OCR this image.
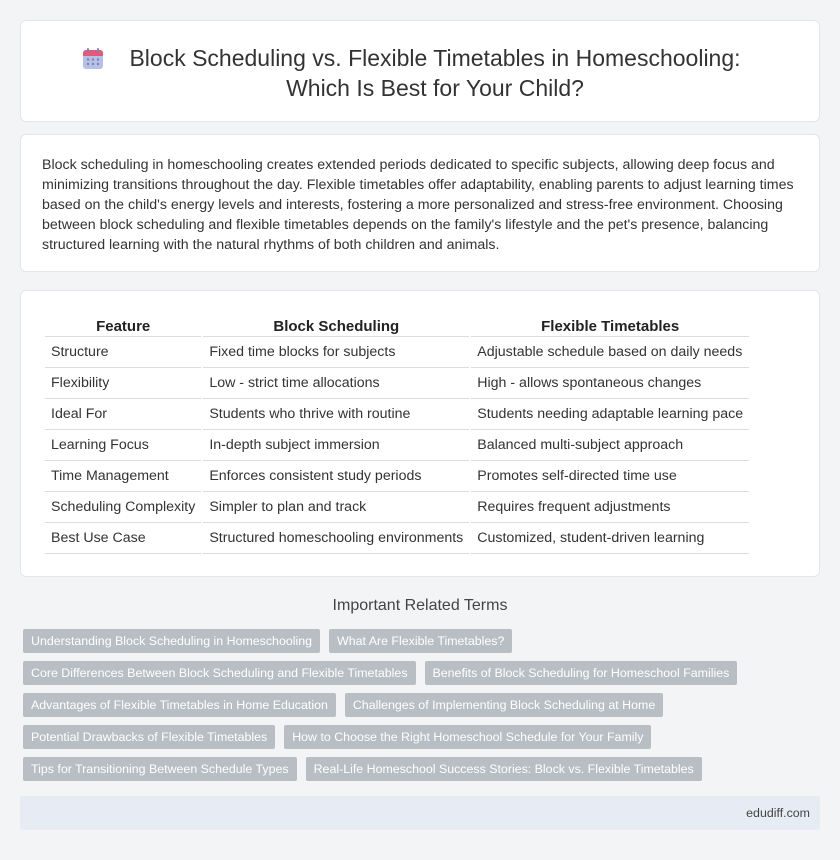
Block Scheduling vs. Flexible Timetables in Homeschooling: Which Is Best for Your Child?

Block scheduling in homeschooling creates extended periods dedicated to specific subjects, allowing deep focus and minimizing transitions throughout the day. Flexible timetables offer adaptability, enabling parents to adjust learning times based on the child's energy levels and interests, fostering a more personalized and stress-free environment. Choosing between block scheduling and flexible timetables depends on the family's lifestyle and the pet's presence, balancing structured learning with the natural rhythms of both children and animals.

Feature	Block Scheduling	Flexible Timetables
Structure	Fixed time blocks for subjects	Adjustable schedule based on daily needs
Flexibility	Low - strict time allocations	High - allows spontaneous changes
Ideal For	Students who thrive with routine	Students needing adaptable learning pace
Learning Focus	In-depth subject immersion	Balanced multi-subject approach
Time Management	Enforces consistent study periods	Promotes self-directed time use
Scheduling Complexity	Simpler to plan and track	Requires frequent adjustments
Best Use Case	Structured homeschooling environments	Customized, student-driven learning
Important Related Terms
Understanding Block Scheduling in Homeschooling	What Are Flexible Timetables?
Core Differences Between Block Scheduling and Flexible Timetables	Benefits of Block Scheduling for Homeschool Families
Advantages of Flexible Timetables in Home Education	Challenges of Implementing Block Scheduling at Home
Potential Drawbacks of Flexible Timetables	How to Choose the Right Homeschool Schedule for Your Family
Tips for Transitioning Between Schedule Types	Real-Life Homeschool Success Stories: Block vs. Flexible Timetables
edudiff.com
